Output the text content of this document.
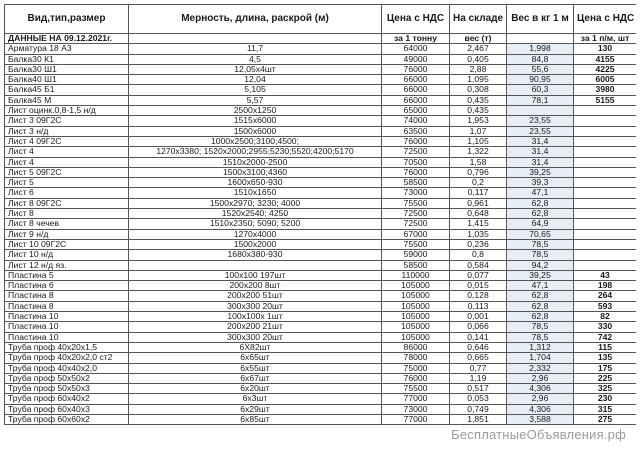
Вид,тип,размер	Мерность, длина, раскрой (м)	Цена с НДС	На складе	Вес в кг 1 м	Цена с НДС
ДАННЫЕ НА 09.12.2021г.		за 1 тонну	вес (т)		за 1 п/м, шт
Арматура 18 А3	11,7	64000	2,467	1,998	130
Балка30 К1	4,5	49000	0,405	84,8	4155
Балка30 Ш1	12,05х4шт	76000	2,88	55,6	4225
Балка40 Ш1	12,04	66000	1,095	90,95	6005
Балка45 Б1	5,105	66000	0,308	60,3	3980
Балка45 М	5,57	66000	0,435	78,1	5155
Лист оцинк.0,8-1,5 н/д	2500х1250	65000	0,435		
Лист 3 09Г2С	1515х6000	74000	1,953	23,55	
Лист 3 н/д	1500х6000	63500	1,07	23,55	
Лист 4 09Г2С	1000х2500;3100;4500;	76000	1,105	31,4	
Лист 4	1270х3380; 1520х2000;2955;5230;5520;4200;5170	72500	1,322	31,4	
Лист 4	1510х2000-2500	70500	1,58	31,4	
Лист 5 09Г2С	1500х3100;4360	76000	0,796	39,25	
Лист 5	1600х650-930	58500	0,2	39,3	
Лист 6	1510х1650	73000	0,117	47,1	
Лист 8 09Г2С	1500х2970; 3230; 4000	75500	0,961	62,8	
Лист 8	1520х2540; 4250	72500	0,648	62,8	
Лист 8 чечев	1510х2350; 5090; 5200	72500	1,415	64,9	
Лист 9 н/д	1270х4000	67000	1,035	70,65	
Лист 10 09Г2С	1500х2000	75500	0,236	78,5	
Лист 10 н/д	1680х380-930	59000	0,8	78,5	
Лист 12 н/д яз.		58500	0,584	94,2	
Пластина 5	100х100 197шт	110000	0,077	39,25	43
Пластина 6	200х200 8шт	105000	0,015	47,1	198
Пластина 8	200х200 51шт	105000	0,128	62,8	264
Пластина 8	300х300 20шт	105000	0,113	62,8	593
Пластина 10	100х100х 1шт	105000	0,001	62,8	82
Пластина 10	200х200 21шт	105000	0,066	78,5	330
Пластина 10	300х300 20шт	105000	0,141	78,5	742
Труба проф 40х20х1,5	6Х82шт	86000	0,646	1,312	115
Труба проф 40х20х2,0 ст2	6х65шт	78000	0,665	1,704	135
Труба проф 40х40х2,0	6х55шт	75000	0,77	2,332	175
Труба проф 50х50х2	6х67шт	76000	1,19	2,96	225
Труба проф 50х50х3	6х20шт	75500	0,517	4,306	325
Труба проф 60х40х2	6х3шт	77000	0,053	2,96	230
Труба проф 60х40х3	6х29шт	73000	0,749	4,306	315
Труба проф 60х60х2	6х85шт	77000	1,851	3,588	275
БесплатныеОбъявления.рф
